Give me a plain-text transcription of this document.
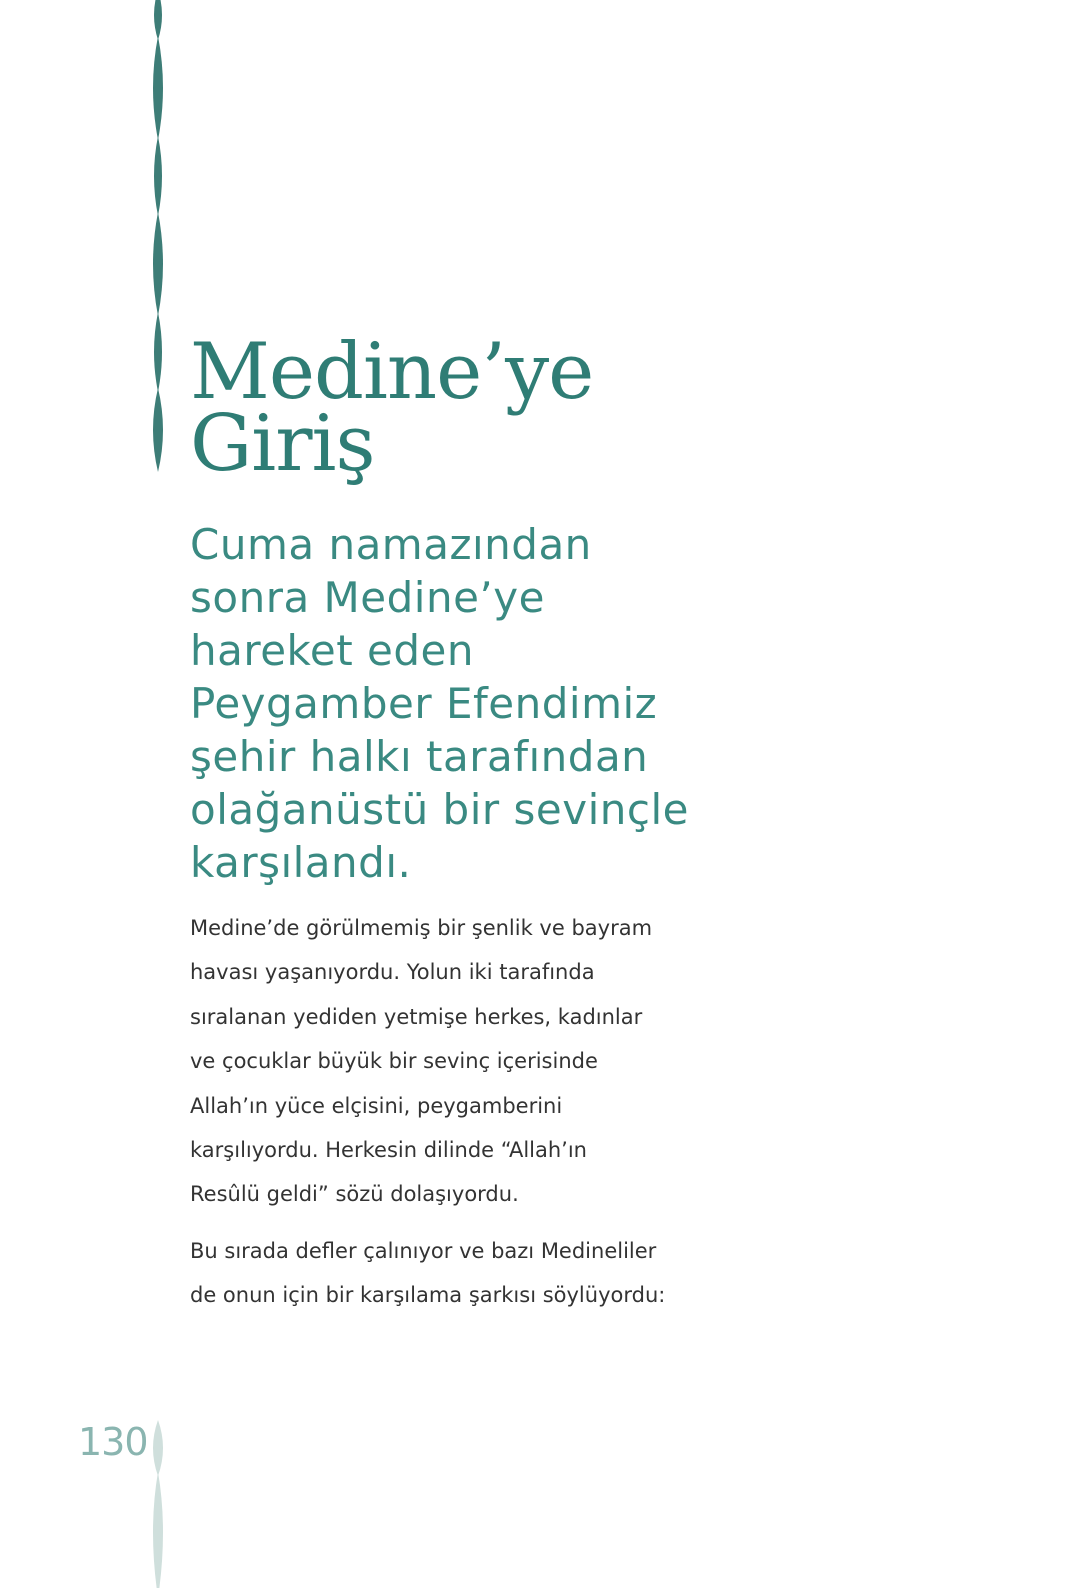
Medine’ye
Giriş

Cuma namazından
sonra Medine’ye
hareket eden
Peygamber Efendimiz
şehir halkı tarafından
olağanüstü bir sevinçle
karşılandı.

Medine’de görülmemiş bir şenlik ve bayram
havası yaşanıyordu. Yolun iki tarafında
sıralanan yediden yetmişe herkes, kadınlar
ve çocuklar büyük bir sevinç içerisinde
Allah’ın yüce elçisini, peygamberini
karşılıyordu. Herkesin dilinde “Allah’ın
Resûlü geldi” sözü dolaşıyordu.

Bu sırada defler çalınıyor ve bazı Medineliler
de onun için bir karşılama şarkısı söylüyordu:

130
